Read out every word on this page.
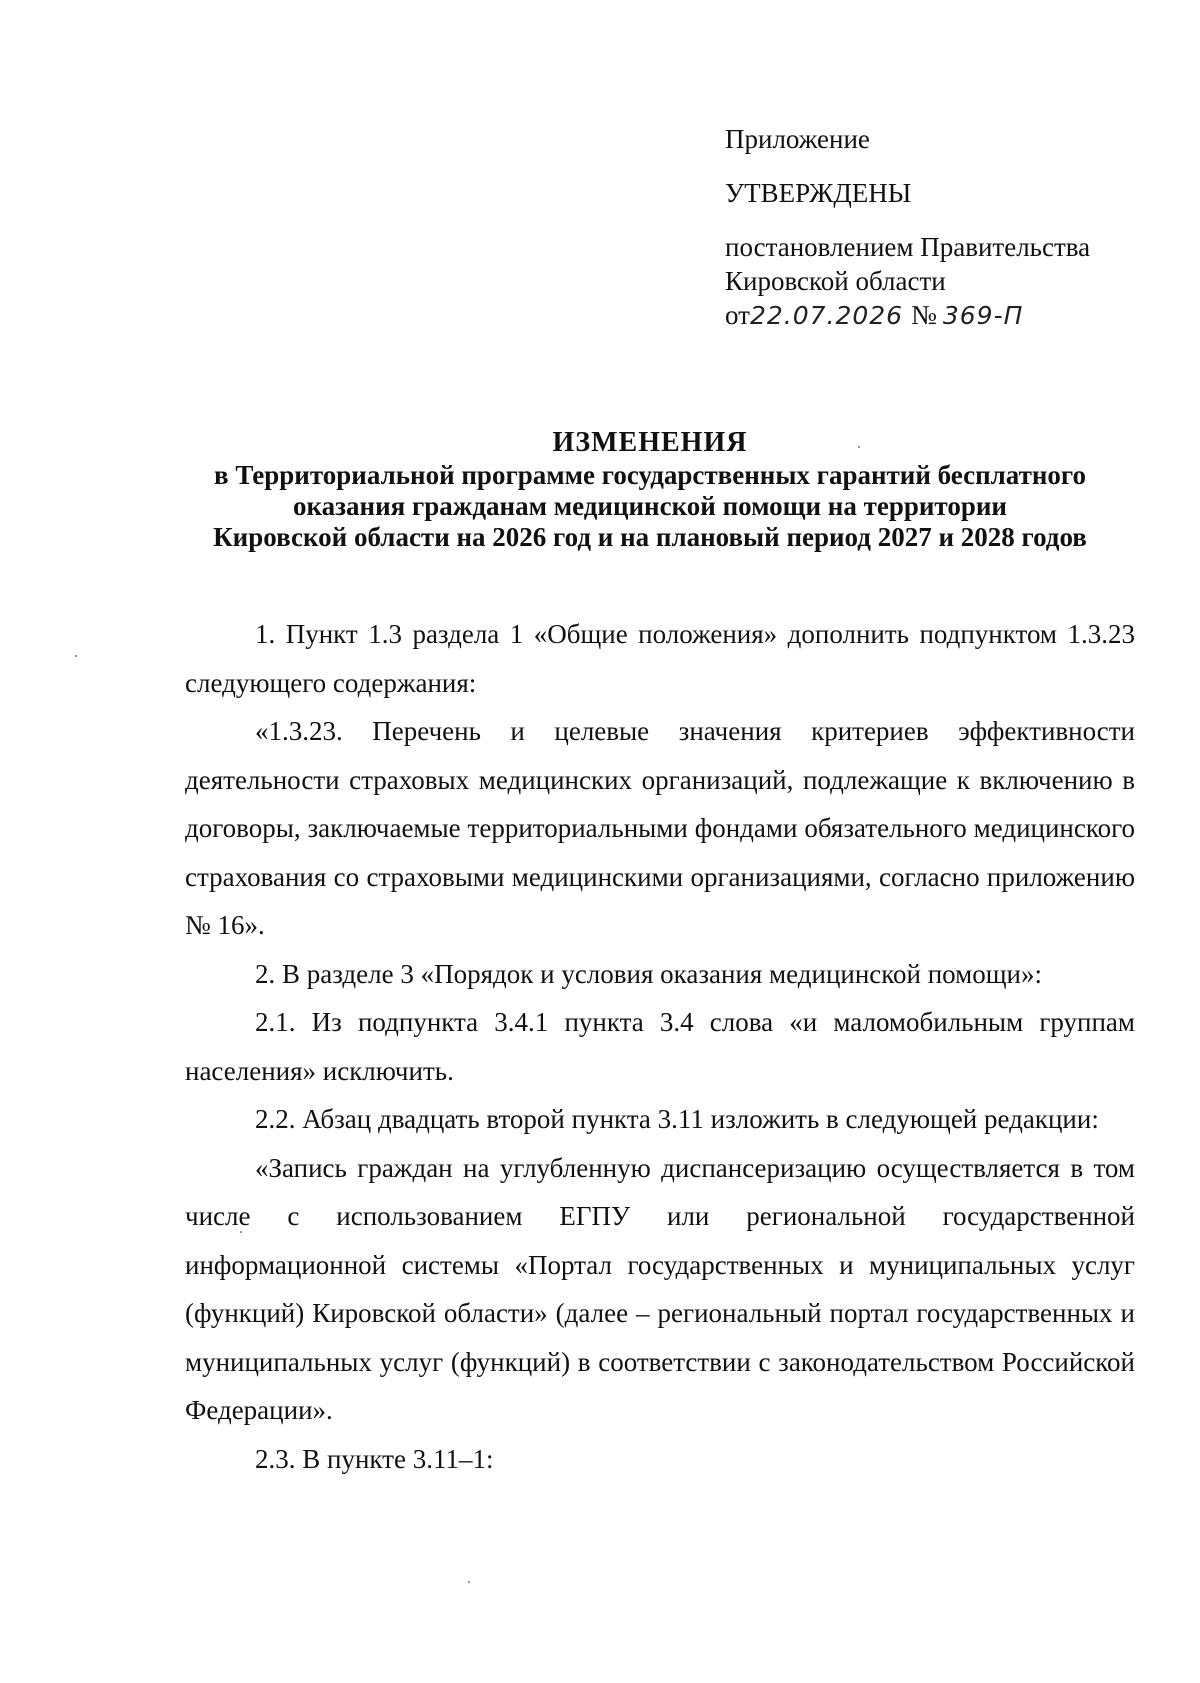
Приложение
УТВЕРЖДЕНЫ
постановлением Правительства
Кировской области
от22.07.2026 № 369-П
ИЗМЕНЕНИЯ
в Территориальной программе государственных гарантий бесплатного
оказания гражданам медицинской помощи на территории
Кировской области на 2026 год и на плановый период 2027 и 2028 годов

1. Пункт 1.3 раздела 1 «Общие положения» дополнить подпунктом 1.3.23 следующего содержания:

«1.3.23. Перечень и целевые значения критериев эффективности деятельности страховых медицинских организаций, подлежащие к включению в договоры, заключаемые территориальными фондами обязательного медицинского страхования со страховыми медицинскими организациями, согласно приложению № 16».

2. В разделе 3 «Порядок и условия оказания медицинской помощи»:

2.1. Из подпункта 3.4.1 пункта 3.4 слова «и маломобильным группам населения» исключить.

2.2. Абзац двадцать второй пункта 3.11 изложить в следующей редакции:

«Запись граждан на углубленную диспансеризацию осуществляется в том числе с использованием ЕГПУ или региональной государственной информационной системы «Портал государственных и муниципальных услуг (функций) Кировской области» (далее – региональный портал государственных и муниципальных услуг (функций) в соответствии с законодательством Российской Федерации».

2.3. В пункте 3.11–1:
